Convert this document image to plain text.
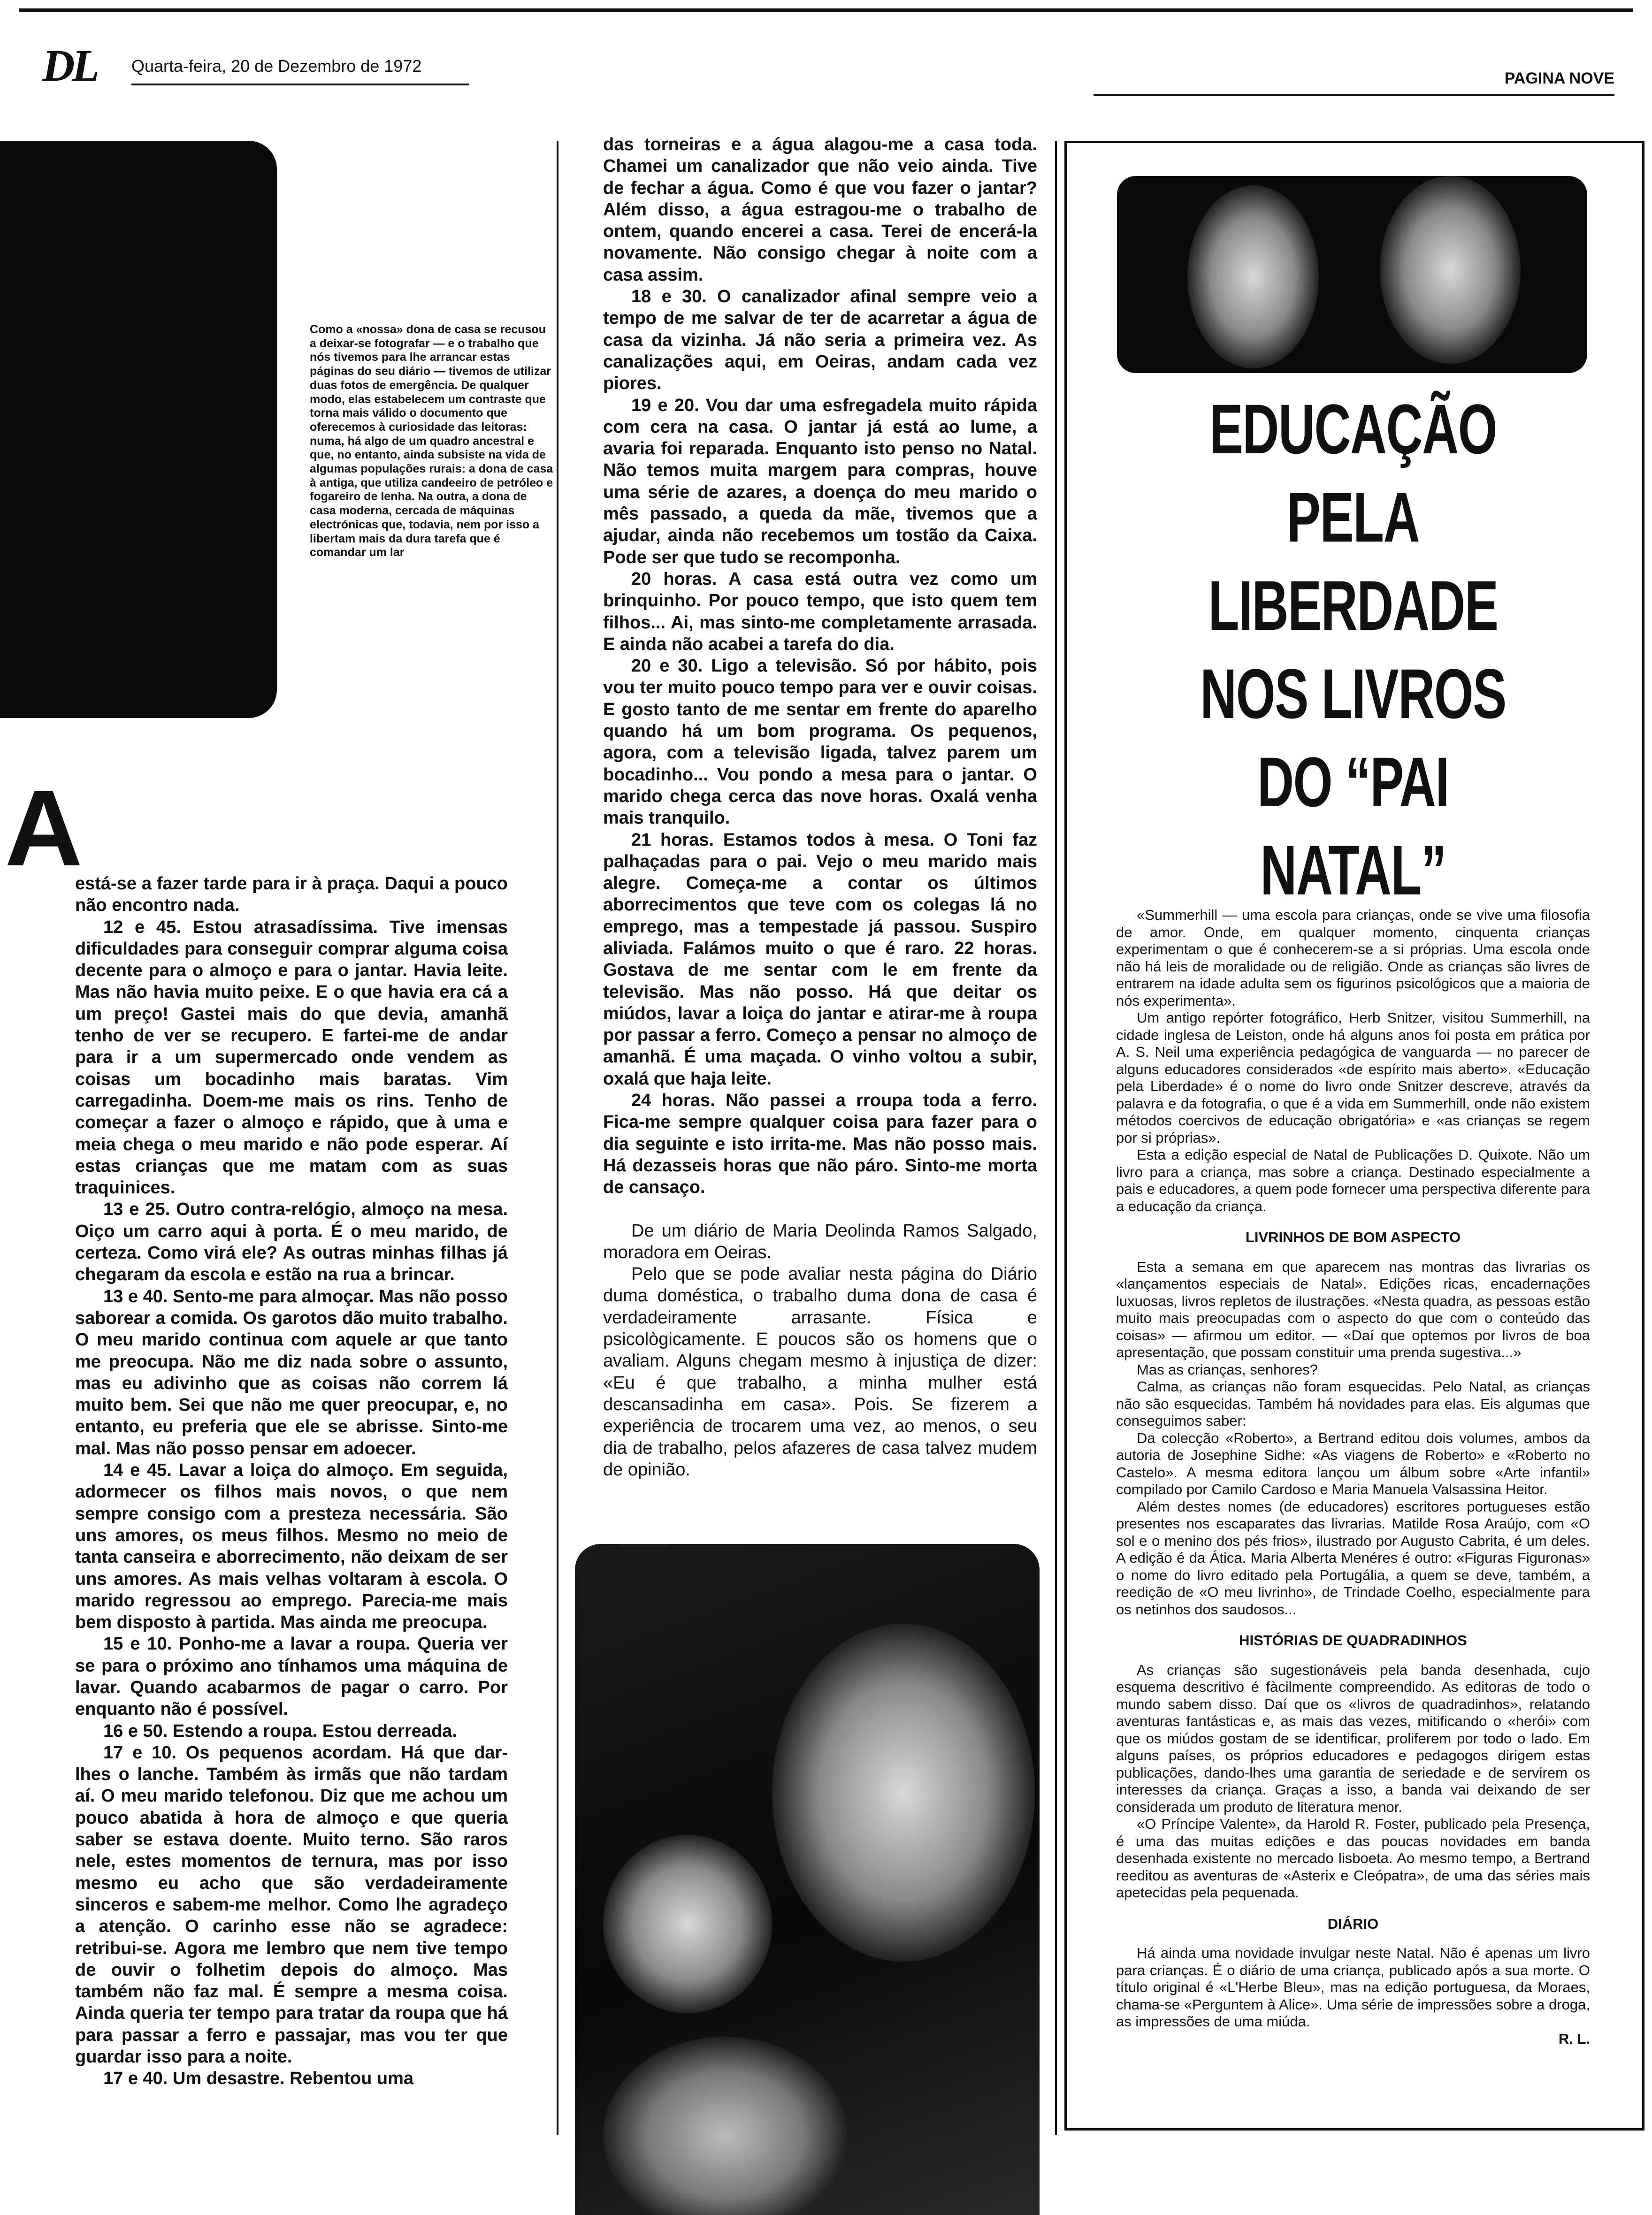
DL Quarta-feira, 20 de Dezembro de 1972
PAGINA NOVE
Como a «nossa» dona de casa se recusou a deixar-se fotografar — e o trabalho que nós tivemos para lhe arrancar estas páginas do seu diário — tivemos de utilizar duas fotos de emergência. De qualquer modo, elas estabelecem um contraste que torna mais válido o documento que oferecemos à curiosidade das leitoras: numa, há algo de um quadro ancestral e que, no entanto, ainda subsiste na vida de algumas populações rurais: a dona de casa à antiga, que utiliza candeeiro de petróleo e fogareiro de lenha. Na outra, a dona de casa moderna, cercada de máquinas electrónicas que, todavia, nem por isso a libertam mais da dura tarefa que é comandar um lar
A

está-se a fazer tarde para ir à praça. Daqui a pouco não encontro nada.

12 e 45. Estou atrasadíssima. Tive imensas dificuldades para conseguir comprar alguma coisa decente para o almoço e para o jantar. Havia leite. Mas não havia muito peixe. E o que havia era cá a um preço! Gastei mais do que devia, amanhã tenho de ver se recupero. E fartei-me de andar para ir a um supermercado onde vendem as coisas um bocadinho mais baratas. Vim carregadinha. Doem-me mais os rins. Tenho de começar a fazer o almoço e rápido, que à uma e meia chega o meu marido e não pode esperar. Aí estas crianças que me matam com as suas traquinices.

13 e 25. Outro contra-relógio, almoço na mesa. Oiço um carro aqui à porta. É o meu marido, de certeza. Como virá ele? As outras minhas filhas já chegaram da escola e estão na rua a brincar.

13 e 40. Sento-me para almoçar. Mas não posso saborear a comida. Os garotos dão muito trabalho. O meu marido continua com aquele ar que tanto me preocupa. Não me diz nada sobre o assunto, mas eu adivinho que as coisas não correm lá muito bem. Sei que não me quer preocupar, e, no entanto, eu preferia que ele se abrisse. Sinto-me mal. Mas não posso pensar em adoecer.

14 e 45. Lavar a loiça do almoço. Em seguida, adormecer os filhos mais novos, o que nem sempre consigo com a presteza necessária. São uns amores, os meus filhos. Mesmo no meio de tanta canseira e aborrecimento, não deixam de ser uns amores. As mais velhas voltaram à escola. O marido regressou ao emprego. Parecia-me mais bem disposto à partida. Mas ainda me preocupa.

15 e 10. Ponho-me a lavar a roupa. Queria ver se para o próximo ano tínhamos uma máquina de lavar. Quando acabarmos de pagar o carro. Por enquanto não é possível.

16 e 50. Estendo a roupa. Estou derreada.

17 e 10. Os pequenos acordam. Há que dar-lhes o lanche. Também às irmãs que não tardam aí. O meu marido telefonou. Diz que me achou um pouco abatida à hora de almoço e que queria saber se estava doente. Muito terno. São raros nele, estes momentos de ternura, mas por isso mesmo eu acho que são verdadeiramente sinceros e sabem-me melhor. Como lhe agradeço a atenção. O carinho esse não se agradece: retribui-se. Agora me lembro que nem tive tempo de ouvir o folhetim depois do almoço. Mas também não faz mal. É sempre a mesma coisa. Ainda queria ter tempo para tratar da roupa que há para passar a ferro e passajar, mas vou ter que guardar isso para a noite.

17 e 40. Um desastre. Rebentou uma

das torneiras e a água alagou-me a casa toda. Chamei um canalizador que não veio ainda. Tive de fechar a água. Como é que vou fazer o jantar? Além disso, a água estragou-me o trabalho de ontem, quando encerei a casa. Terei de encerá-la novamente. Não consigo chegar à noite com a casa assim.

18 e 30. O canalizador afinal sempre veio a tempo de me salvar de ter de acarretar a água de casa da vizinha. Já não seria a primeira vez. As canalizações aqui, em Oeiras, andam cada vez piores.

19 e 20. Vou dar uma esfregadela muito rápida com cera na casa. O jantar já está ao lume, a avaria foi reparada. Enquanto isto penso no Natal. Não temos muita margem para compras, houve uma série de azares, a doença do meu marido o mês passado, a queda da mãe, tivemos que a ajudar, ainda não recebemos um tostão da Caixa. Pode ser que tudo se recomponha.

20 horas. A casa está outra vez como um brinquinho. Por pouco tempo, que isto quem tem filhos... Ai, mas sinto-me completamente arrasada. E ainda não acabei a tarefa do dia.

20 e 30. Ligo a televisão. Só por hábito, pois vou ter muito pouco tempo para ver e ouvir coisas. E gosto tanto de me sentar em frente do aparelho quando há um bom programa. Os pequenos, agora, com a televisão ligada, talvez parem um bocadinho... Vou pondo a mesa para o jantar. O marido chega cerca das nove horas. Oxalá venha mais tranquilo.

21 horas. Estamos todos à mesa. O Toni faz palhaçadas para o pai. Vejo o meu marido mais alegre. Começa-me a contar os últimos aborrecimentos que teve com os colegas lá no emprego, mas a tempestade já passou. Suspiro aliviada. Falámos muito o que é raro. 22 horas. Gostava de me sentar com le em frente da televisão. Mas não posso. Há que deitar os miúdos, lavar a loiça do jantar e atirar-me à roupa por passar a ferro. Começo a pensar no almoço de amanhã. É uma maçada. O vinho voltou a subir, oxalá que haja leite.

24 horas. Não passei a rroupa toda a ferro. Fica-me sempre qualquer coisa para fazer para o dia seguinte e isto irrita-me. Mas não posso mais. Há dezasseis horas que não páro. Sinto-me morta de cansaço.

De um diário de Maria Deolinda Ramos Salgado, moradora em Oeiras.

Pelo que se pode avaliar nesta página do Diário duma doméstica, o trabalho duma dona de casa é verdadeiramente arrasante. Física e psicològicamente. E poucos são os homens que o avaliam. Alguns chegam mesmo à injustiça de dizer: «Eu é que trabalho, a minha mulher está descansadinha em casa». Pois. Se fizerem a experiência de trocarem uma vez, ao menos, o seu dia de trabalho, pelos afazeres de casa talvez mudem de opinião.

EDUCAÇÃO
PELA LIBERDADE
NOS LIVROS
DO “PAI NATAL”

«Summerhill — uma escola para crianças, onde se vive uma filosofia de amor. Onde, em qualquer momento, cinquenta crianças experimentam o que é conhecerem-se a si próprias. Uma escola onde não há leis de moralidade ou de religião. Onde as crianças são livres de entrarem na idade adulta sem os figurinos psicológicos que a maioria de nós experimenta».

Um antigo repórter fotográfico, Herb Snitzer, visitou Summerhill, na cidade inglesa de Leiston, onde há alguns anos foi posta em prática por A. S. Neil uma experiência pedagógica de vanguarda — no parecer de alguns educadores considerados «de espírito mais aberto». «Educação pela Liberdade» é o nome do livro onde Snitzer descreve, através da palavra e da fotografia, o que é a vida em Summerhill, onde não existem métodos coercivos de educação obrigatória» e «as crianças se regem por si próprias».

Esta a edição especial de Natal de Publicações D. Quixote. Não um livro para a criança, mas sobre a criança. Destinado especialmente a pais e educadores, a quem pode fornecer uma perspectiva diferente para a educação da criança.

LIVRINHOS DE BOM ASPECTO

Esta a semana em que aparecem nas montras das livrarias os «lançamentos especiais de Natal». Edições ricas, encadernações luxuosas, livros repletos de ilustrações. «Nesta quadra, as pessoas estão muito mais preocupadas com o aspecto do que com o conteúdo das coisas» — afirmou um editor. — «Daí que optemos por livros de boa apresentação, que possam constituir uma prenda sugestiva...»

Mas as crianças, senhores?

Calma, as crianças não foram esquecidas. Pelo Natal, as crianças não são esquecidas. Também há novidades para elas. Eis algumas que conseguimos saber:

Da colecção «Roberto», a Bertrand editou dois volumes, ambos da autoria de Josephine Sidhe: «As viagens de Roberto» e «Roberto no Castelo». A mesma editora lançou um álbum sobre «Arte infantil» compilado por Camilo Cardoso e Maria Manuela Valsassina Heitor.

Além destes nomes (de educadores) escritores portugueses estão presentes nos escaparates das livrarias. Matilde Rosa Araújo, com «O sol e o menino dos pés frios», ilustrado por Augusto Cabrita, é um deles. A edição é da Ática. Maria Alberta Menéres é outro: «Figuras Figuronas» o nome do livro editado pela Portugália, a quem se deve, também, a reedição de «O meu livrinho», de Trindade Coelho, especialmente para os netinhos dos saudosos...

HISTÓRIAS DE QUADRADINHOS

As crianças são sugestionáveis pela banda desenhada, cujo esquema descritivo é fàcilmente compreendido. As editoras de todo o mundo sabem disso. Daí que os «livros de quadradinhos», relatando aventuras fantásticas e, as mais das vezes, mitificando o «herói» com que os miúdos gostam de se identificar, proliferem por todo o lado. Em alguns países, os próprios educadores e pedagogos dirigem estas publicações, dando-lhes uma garantia de seriedade e de servirem os interesses da criança. Graças a isso, a banda vai deixando de ser considerada um produto de literatura menor.

«O Príncipe Valente», da Harold R. Foster, publicado pela Presença, é uma das muitas edições e das poucas novidades em banda desenhada existente no mercado lisboeta. Ao mesmo tempo, a Bertrand reeditou as aventuras de «Asterix e Cleópatra», de uma das séries mais apetecidas pela pequenada.

DIÁRIO

Há ainda uma novidade invulgar neste Natal. Não é apenas um livro para crianças. É o diário de uma criança, publicado após a sua morte. O título original é «L'Herbe Bleu», mas na edição portuguesa, da Moraes, chama-se «Perguntem à Alice». Uma série de impressões sobre a droga, as impressões de uma miúda.

R. L.
